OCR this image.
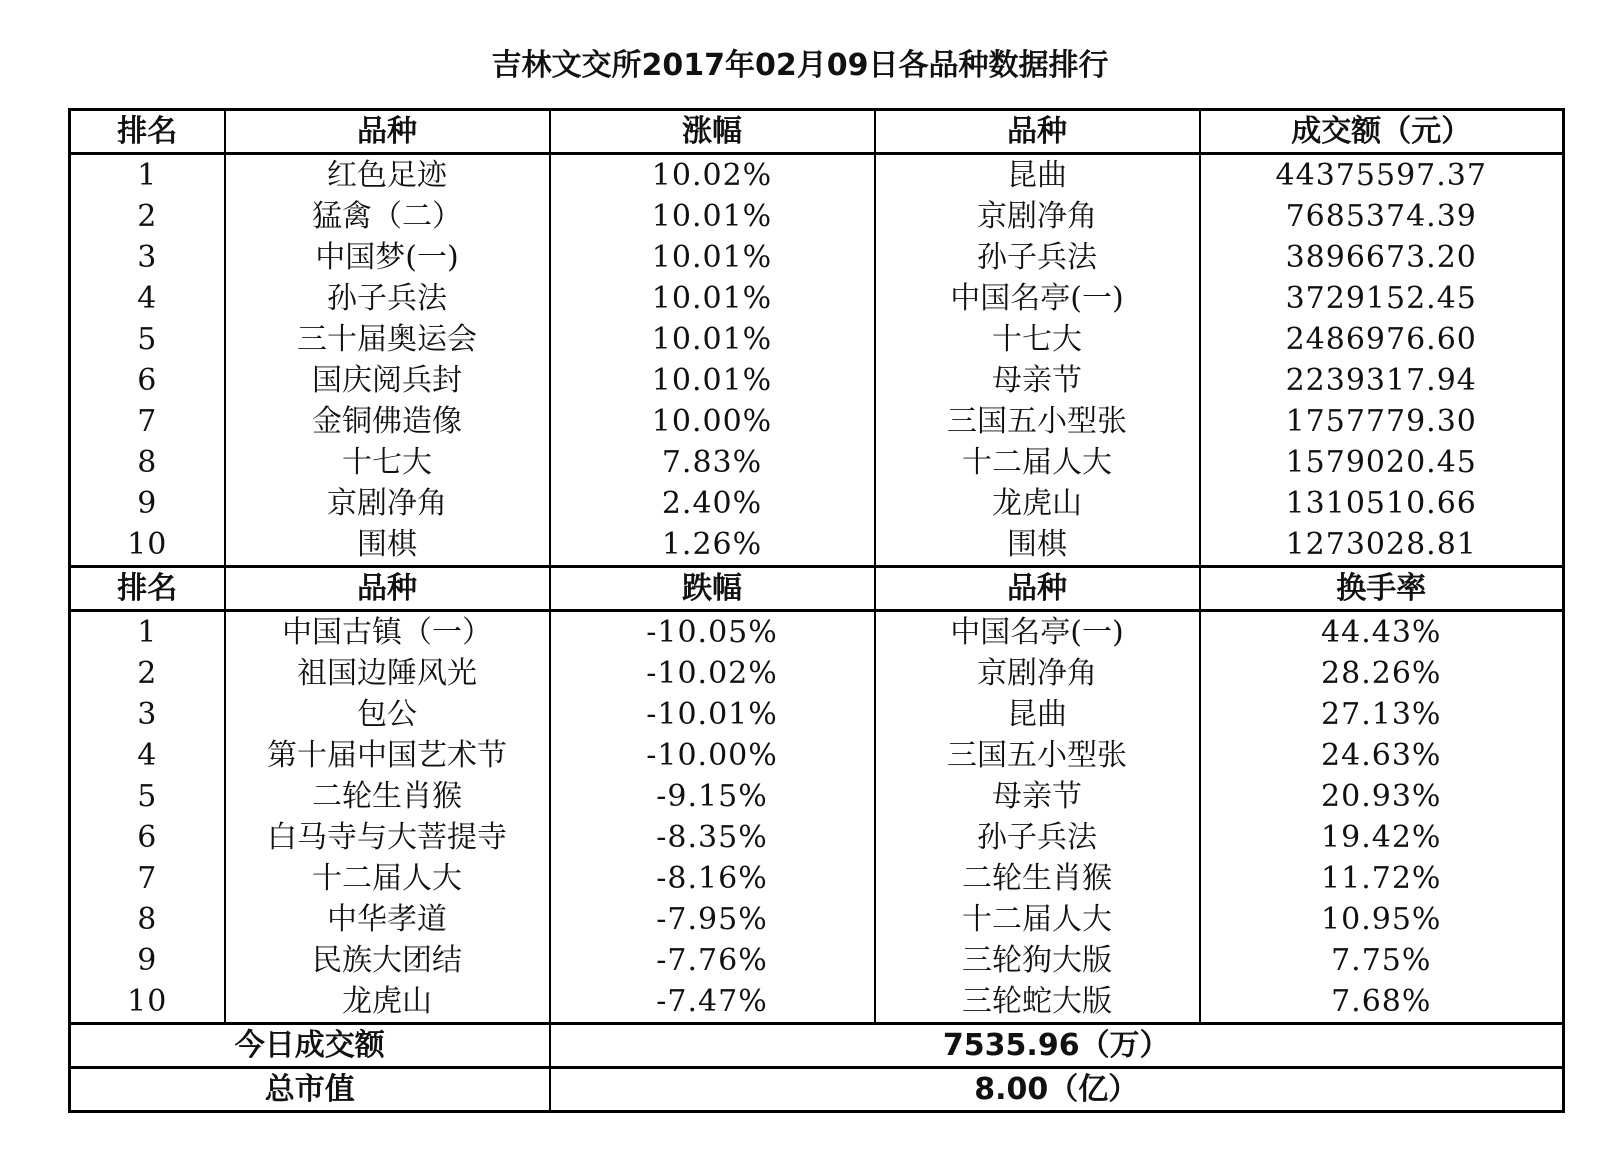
吉林文交所2017年02月09日各品种数据排行
排名	品种	涨幅	品种	成交额（元）
1	红色足迹	10.02%	昆曲	44375597.37
2	猛禽（二）	10.01%	京剧净角	7685374.39
3	中国梦(一)	10.01%	孙子兵法	3896673.20
4	孙子兵法	10.01%	中国名亭(一)	3729152.45
5	三十届奥运会	10.01%	十七大	2486976.60
6	国庆阅兵封	10.01%	母亲节	2239317.94
7	金铜佛造像	10.00%	三国五小型张	1757779.30
8	十七大	7.83%	十二届人大	1579020.45
9	京剧净角	2.40%	龙虎山	1310510.66
10	围棋	1.26%	围棋	1273028.81
排名	品种	跌幅	品种	换手率
1	中国古镇（一）	-10.05%	中国名亭(一)	44.43%
2	祖国边陲风光	-10.02%	京剧净角	28.26%
3	包公	-10.01%	昆曲	27.13%
4	第十届中国艺术节	-10.00%	三国五小型张	24.63%
5	二轮生肖猴	-9.15%	母亲节	20.93%
6	白马寺与大菩提寺	-8.35%	孙子兵法	19.42%
7	十二届人大	-8.16%	二轮生肖猴	11.72%
8	中华孝道	-7.95%	十二届人大	10.95%
9	民族大团结	-7.76%	三轮狗大版	7.75%
10	龙虎山	-7.47%	三轮蛇大版	7.68%
今日成交额		7535.96（万）		
总市值		8.00（亿）		
